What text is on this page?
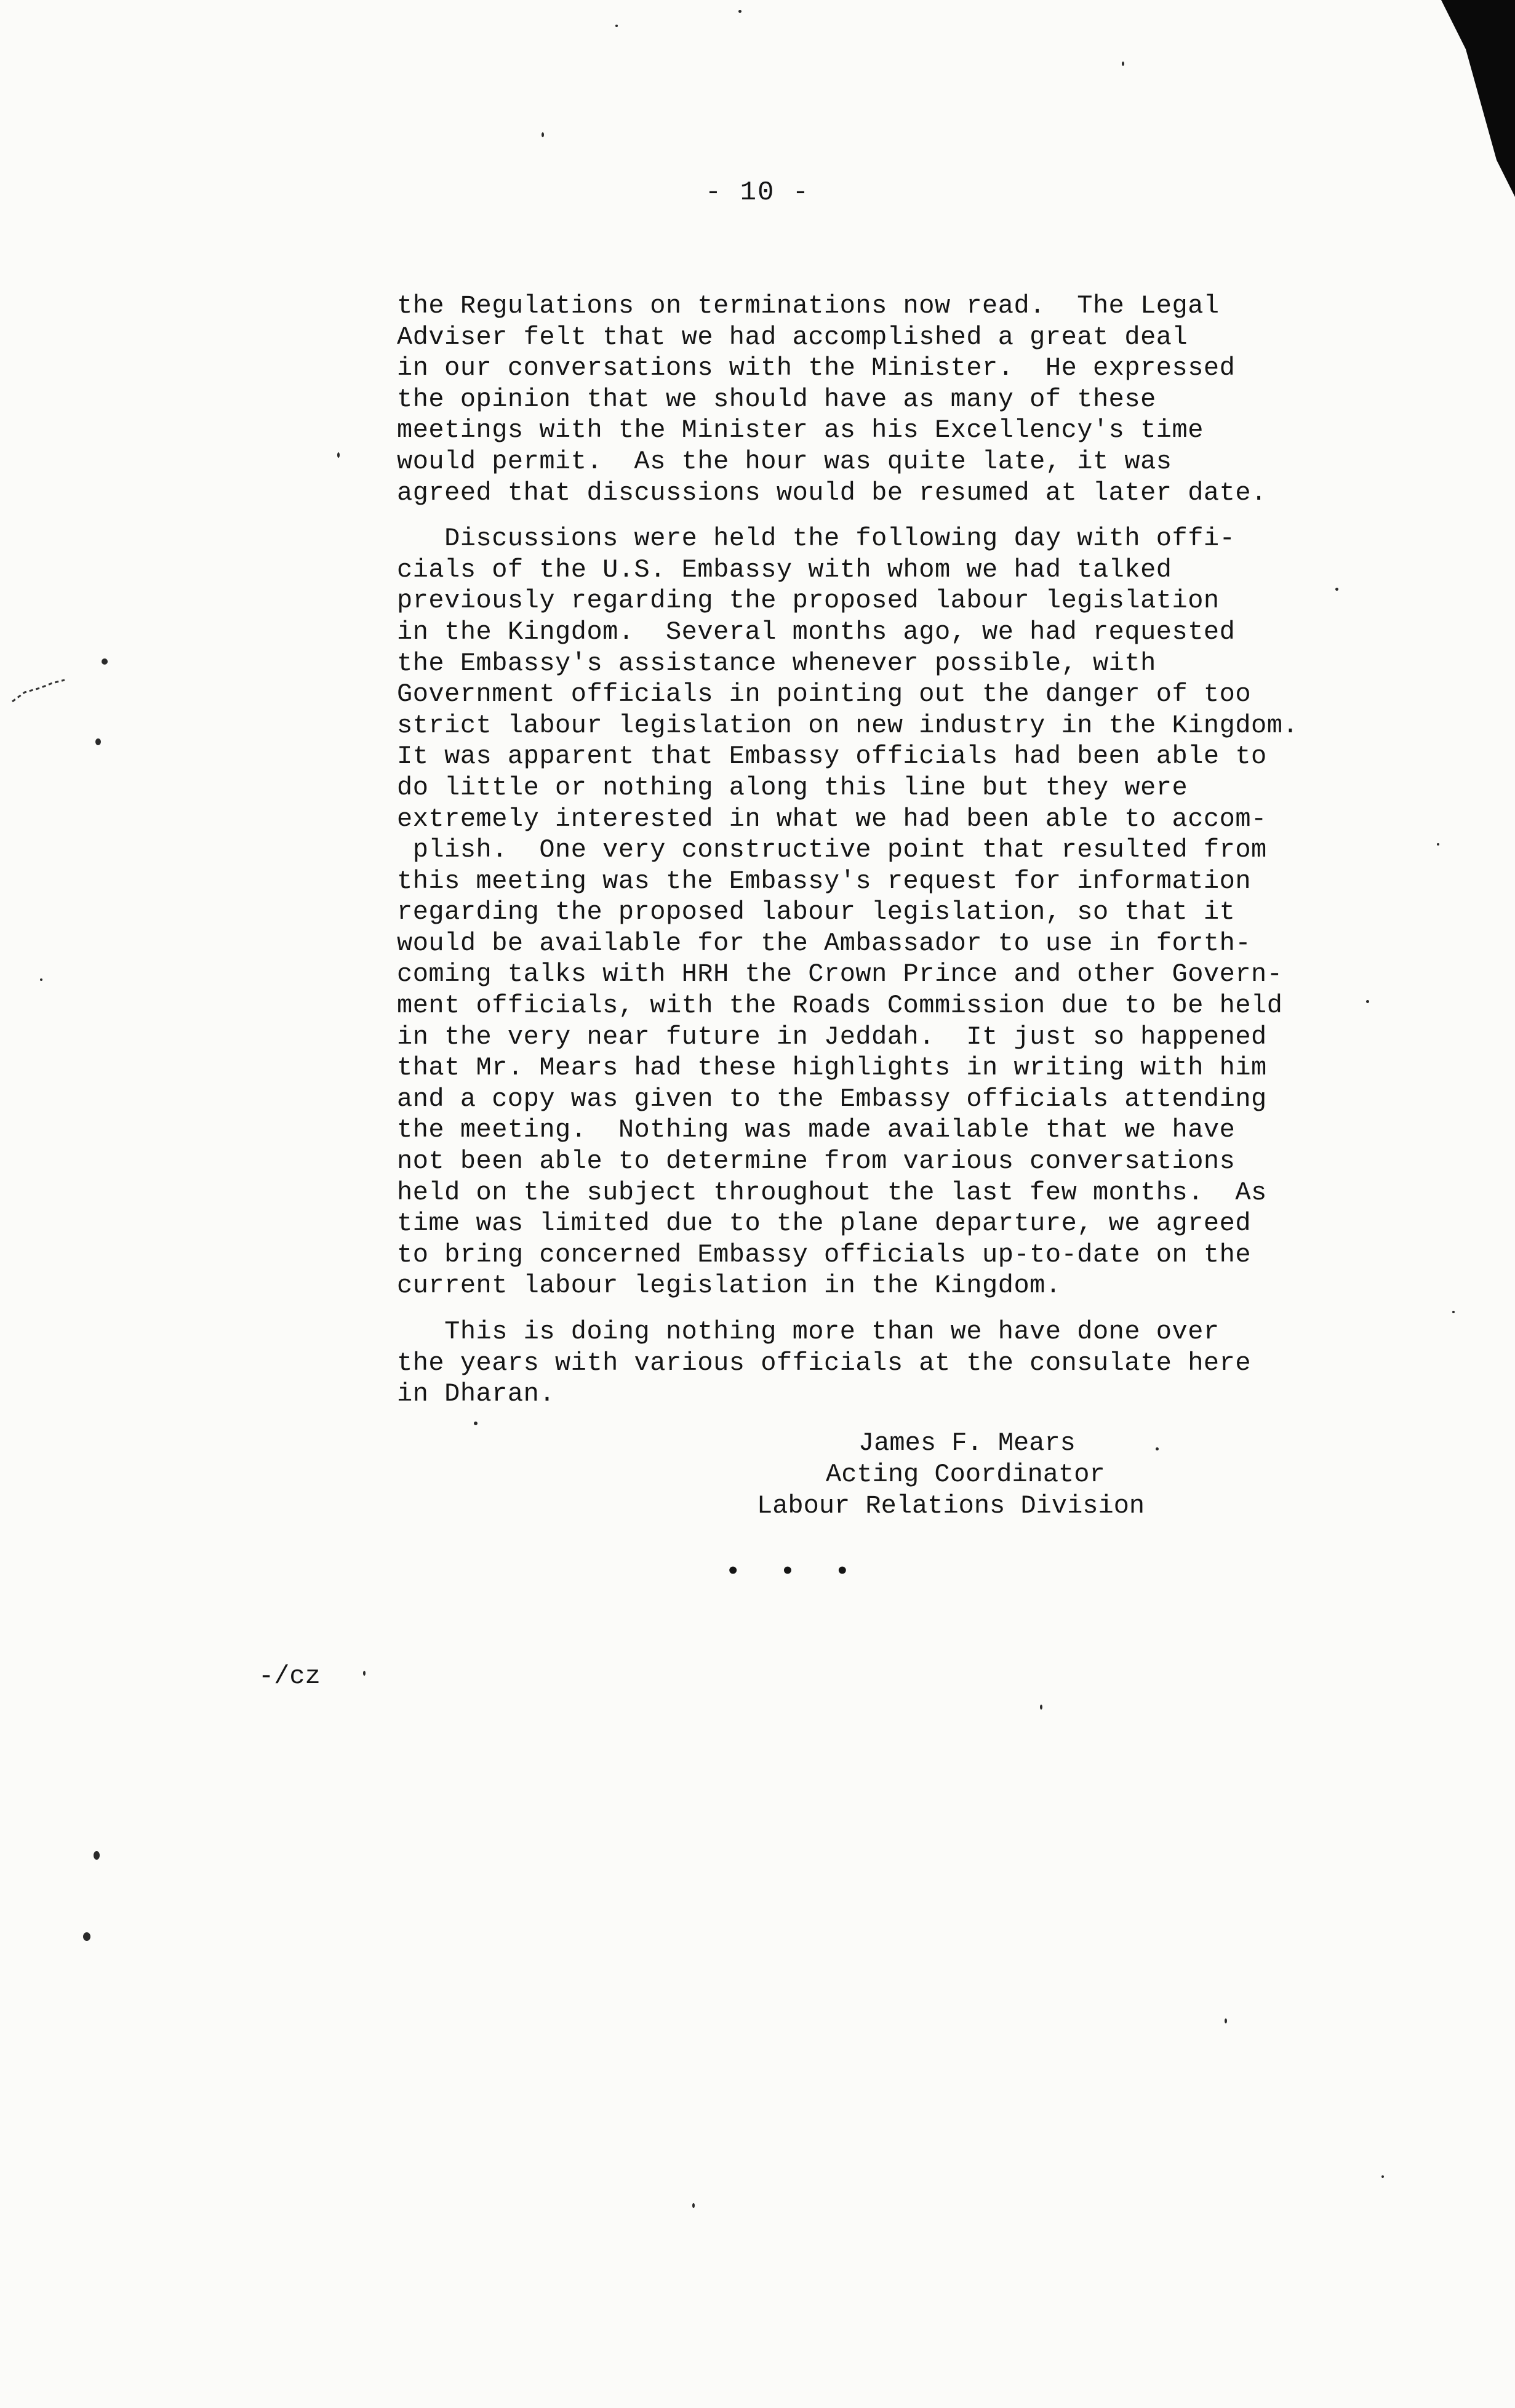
- 10 -
the Regulations on terminations now read.  The Legal
Adviser felt that we had accomplished a great deal
in our conversations with the Minister.  He expressed
the opinion that we should have as many of these
meetings with the Minister as his Excellency's time
would permit.  As the hour was quite late, it was
agreed that discussions would be resumed at later date.
Discussions were held the following day with offi-
cials of the U.S. Embassy with whom we had talked
previously regarding the proposed labour legislation
in the Kingdom.  Several months ago, we had requested
the Embassy's assistance whenever possible, with
Government officials in pointing out the danger of too
strict labour legislation on new industry in the Kingdom.
It was apparent that Embassy officials had been able to
do little or nothing along this line but they were
extremely interested in what we had been able to accom-
plish.  One very constructive point that resulted from
this meeting was the Embassy's request for information
regarding the proposed labour legislation, so that it
would be available for the Ambassador to use in forth-
coming talks with HRH the Crown Prince and other Govern-
ment officials, with the Roads Commission due to be held
in the very near future in Jeddah.  It just so happened
that Mr. Mears had these highlights in writing with him
and a copy was given to the Embassy officials attending
the meeting.  Nothing was made available that we have
not been able to determine from various conversations
held on the subject throughout the last few months.  As
time was limited due to the plane departure, we agreed
to bring concerned Embassy officials up-to-date on the
current labour legislation in the Kingdom.
This is doing nothing more than we have done over
the years with various officials at the consulate here
in Dharan.
James F. Mears
Acting Coordinator
Labour Relations Division
• • •
-/cz
